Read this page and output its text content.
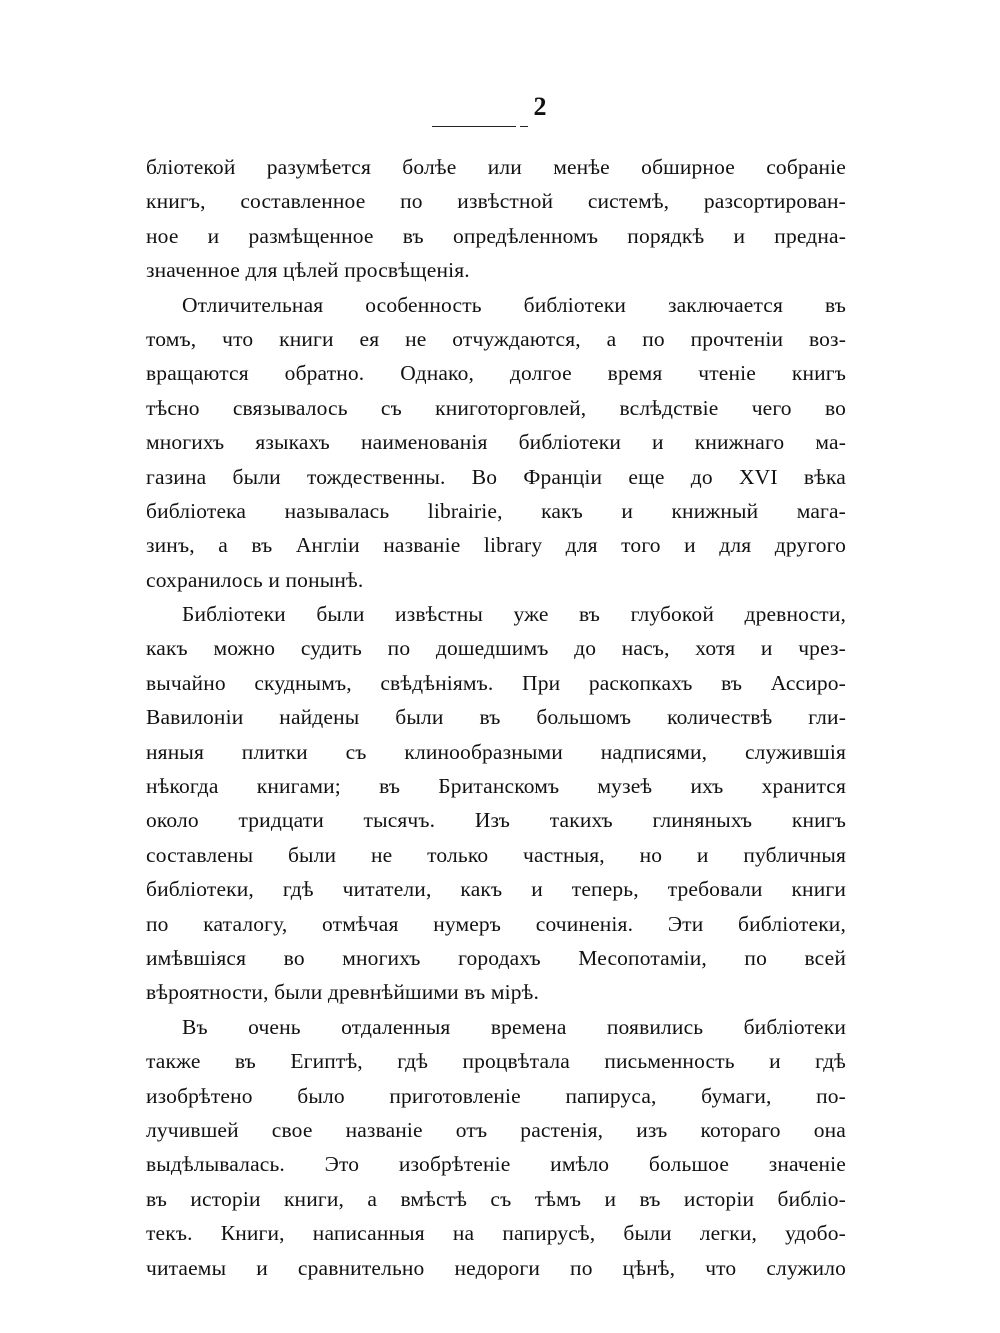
2
бліотекой разумѣется болѣе или менѣе обширное собраніе
книгъ, составленное по извѣстной системѣ, разсортирован-
ное и размѣщенное въ опредѣленномъ порядкѣ и предна-
значенное для цѣлей просвѣщенія.
Отличительная особенность библіотеки заключается въ
томъ, что книги ея не отчуждаются, а по прочтеніи воз-
вращаются обратно. Однако, долгое время чтеніе книгъ
тѣсно связывалось съ книготорговлей, вслѣдствіе чего во
многихъ языкахъ наименованія библіотеки и книжнаго ма-
газина были тождественны. Во Франціи еще до XVI вѣка
библіотека называлась librairie, какъ и книжный мага-
зинъ, а въ Англіи названіе library для того и для другого
сохранилось и понынѣ.
Библіотеки были извѣстны уже въ глубокой древности,
какъ можно судить по дошедшимъ до насъ, хотя и чрез-
вычайно скуднымъ, свѣдѣніямъ. При раскопкахъ въ Ассиро-
Вавилоніи найдены были въ большомъ количествѣ гли-
няныя плитки съ клинообразными надписями, служившія
нѣкогда книгами; въ Британскомъ музеѣ ихъ хранится
около тридцати тысячъ. Изъ такихъ глиняныхъ книгъ
составлены были не только частныя, но и публичныя
библіотеки, гдѣ читатели, какъ и теперь, требовали книги
по каталогу, отмѣчая нумеръ сочиненія. Эти библіотеки,
имѣвшіяся во многихъ городахъ Месопотаміи, по всей
вѣроятности, были древнѣйшими въ мірѣ.
Въ очень отдаленныя времена появились библіотеки
также въ Египтѣ, гдѣ процвѣтала письменность и гдѣ
изобрѣтено было приготовленіе папируса, бумаги, по-
лучившей свое названіе отъ растенія, изъ котораго она
выдѣлывалась. Это изобрѣтеніе имѣло большое значеніе
въ исторіи книги, а вмѣстѣ съ тѣмъ и въ исторіи библіо-
текъ. Книги, написанныя на папирусѣ, были легки, удобо-
читаемы и сравнительно недороги по цѣнѣ, что служило
